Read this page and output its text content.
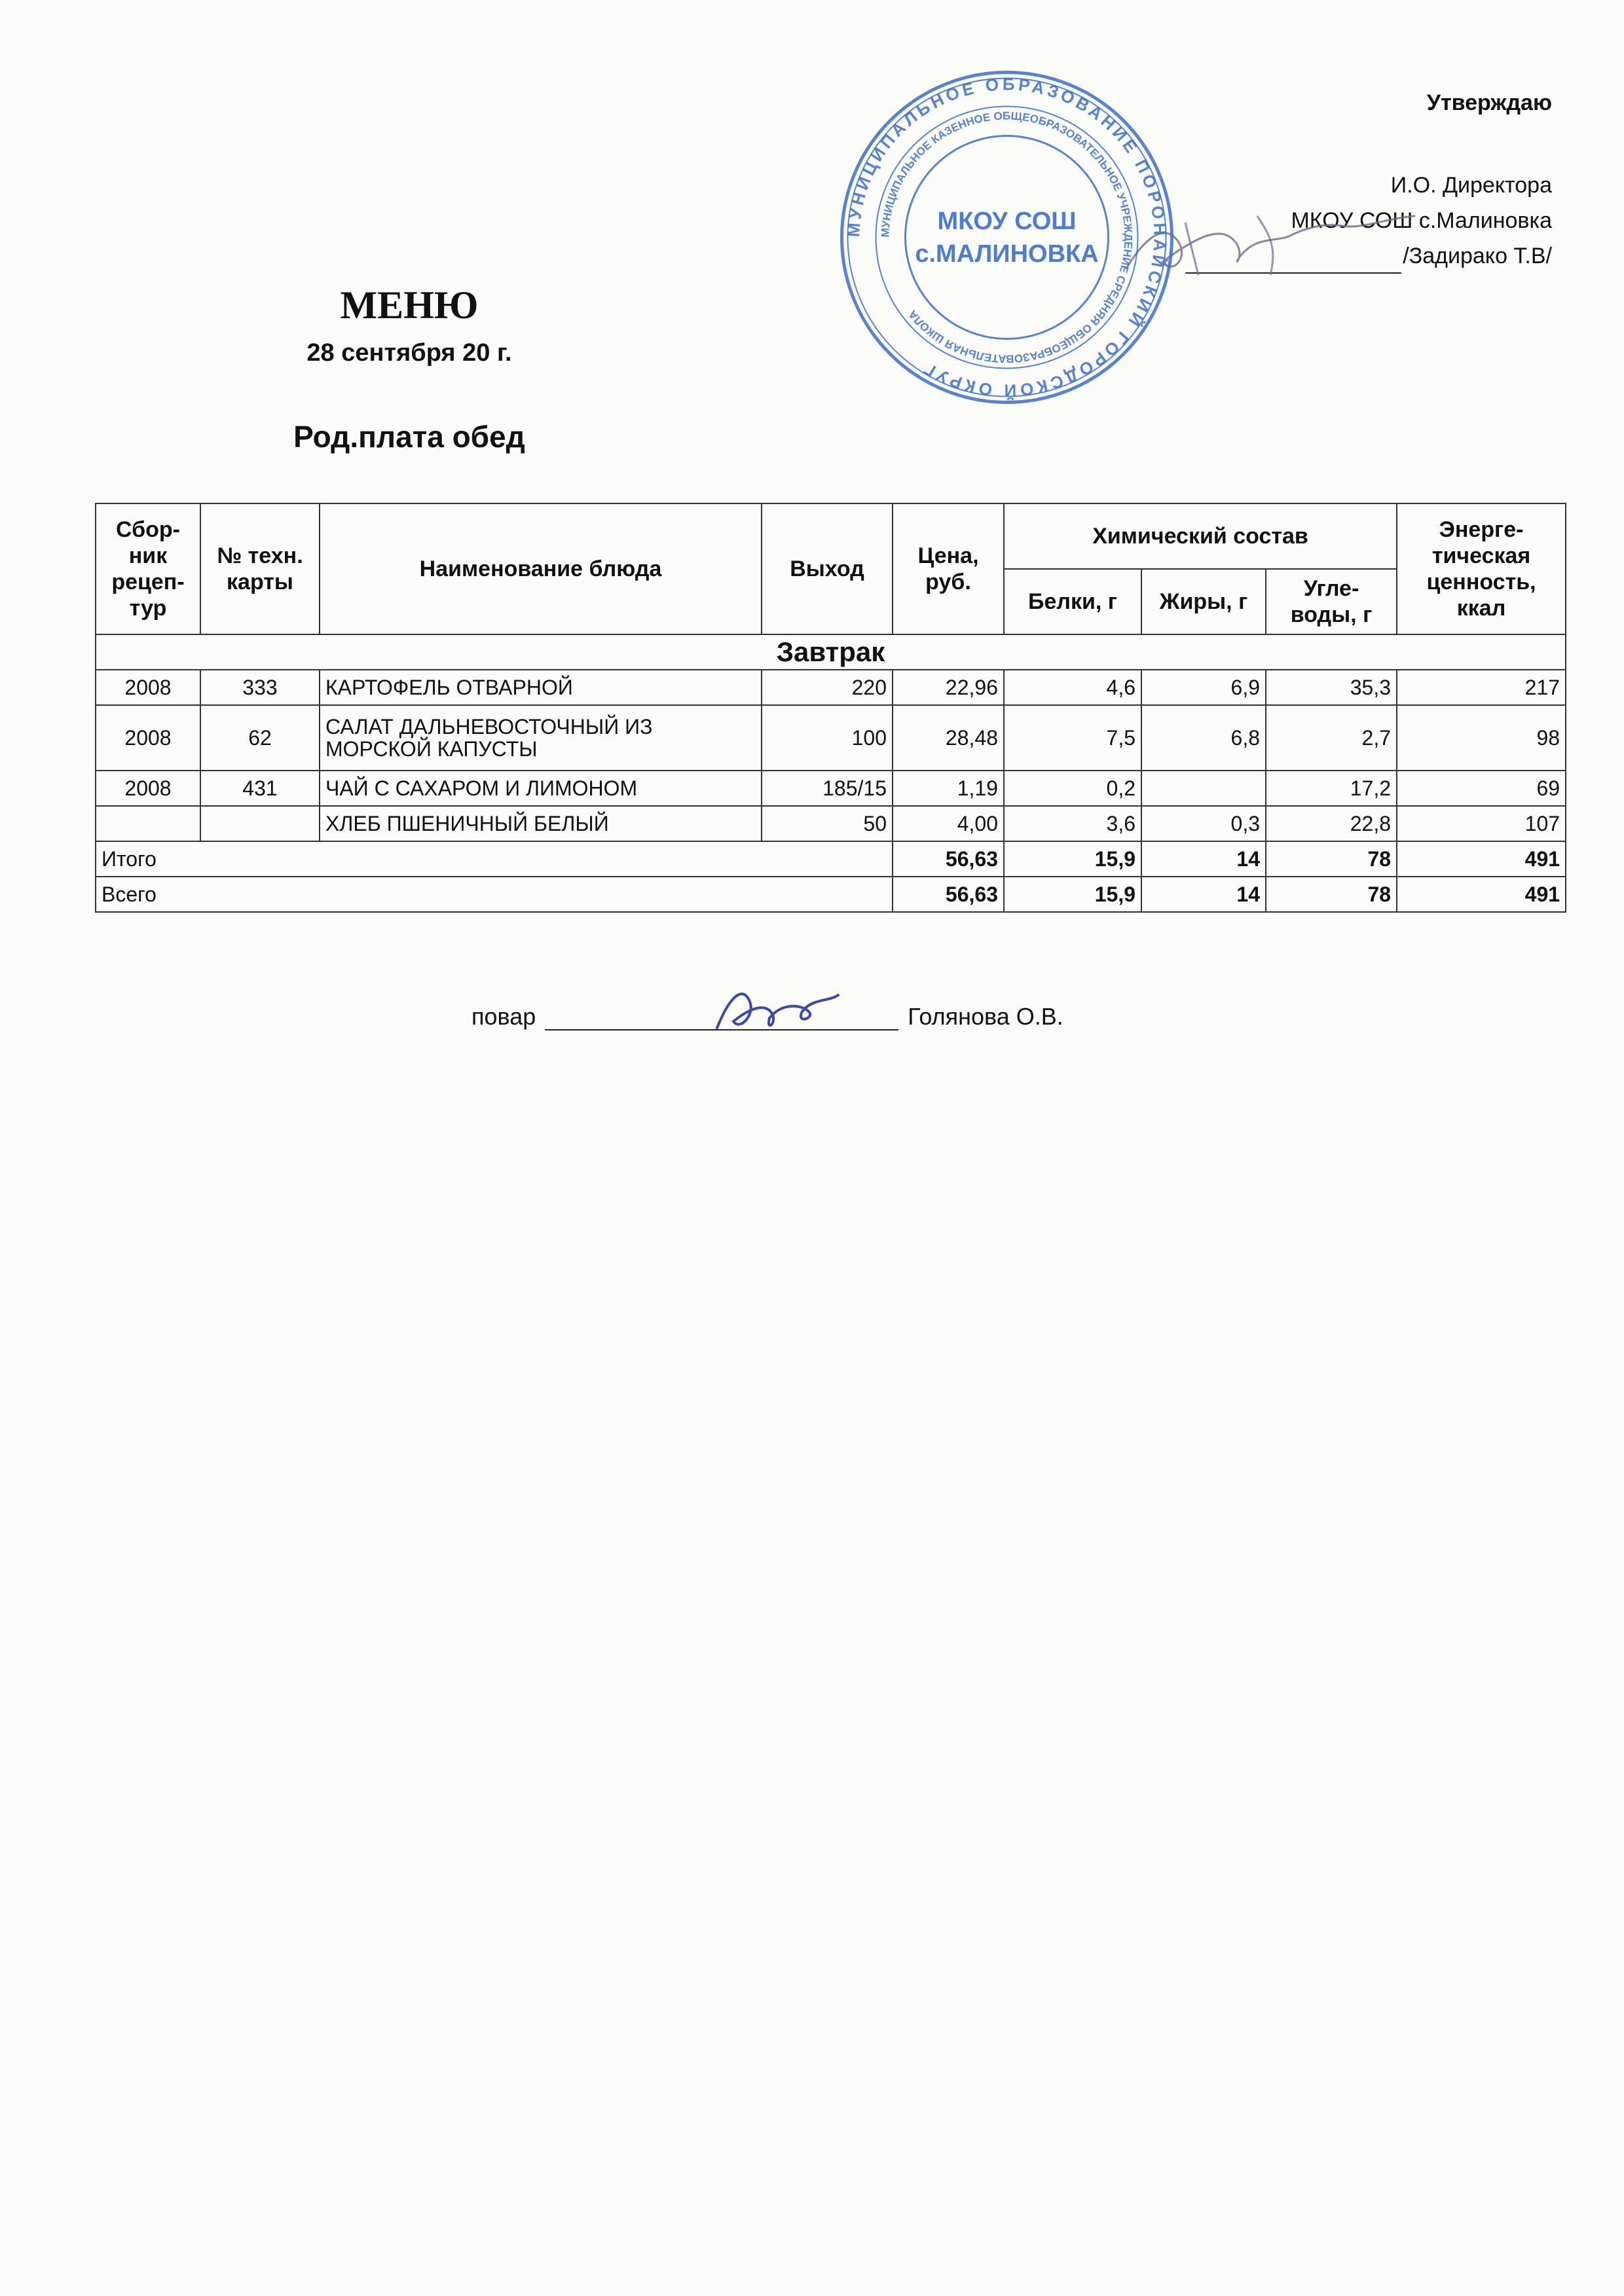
Утверждаю
И.О. Директора
МКОУ СОШ с.Малиновка
/Задирако Т.В/
МУНИЦИПАЛЬНОЕ ОБРАЗОВАНИЕ ПОРОНАЙСКИЙ ГОРОДСКОЙ ОКРУГ
МУНИЦИПАЛЬНОЕ КАЗЕННОЕ ОБЩЕОБРАЗОВАТЕЛЬНОЕ УЧРЕЖДЕНИЕ СРЕДНЯЯ ОБЩЕОБРАЗОВАТЕЛЬНАЯ ШКОЛА
МКОУ СОШ
с.МАЛИНОВКА
МЕНЮ
28 сентября 20 г.
Род.плата обед
Сбор-ник рецеп-тур	№ техн. карты	Наименование блюда	Выход	Цена, руб.	Химический состав			Энерге-тическая ценность, ккал
					Белки, г	Жиры, г	Угле-воды, г	
Завтрак								
2008	333	КАРТОФЕЛЬ ОТВАРНОЙ	220	22,96	4,6	6,9	35,3	217
2008	62	САЛАТ ДАЛЬНЕВОСТОЧНЫЙ ИЗ МОРСКОЙ КАПУСТЫ	100	28,48	7,5	6,8	2,7	98
2008	431	ЧАЙ С САХАРОМ И ЛИМОНОМ	185/15	1,19	0,2		17,2	69
		ХЛЕБ ПШЕНИЧНЫЙ БЕЛЫЙ	50	4,00	3,6	0,3	22,8	107
Итого				56,63	15,9	14	78	491
Всего				56,63	15,9	14	78	491
повар	Голянова О.В.
